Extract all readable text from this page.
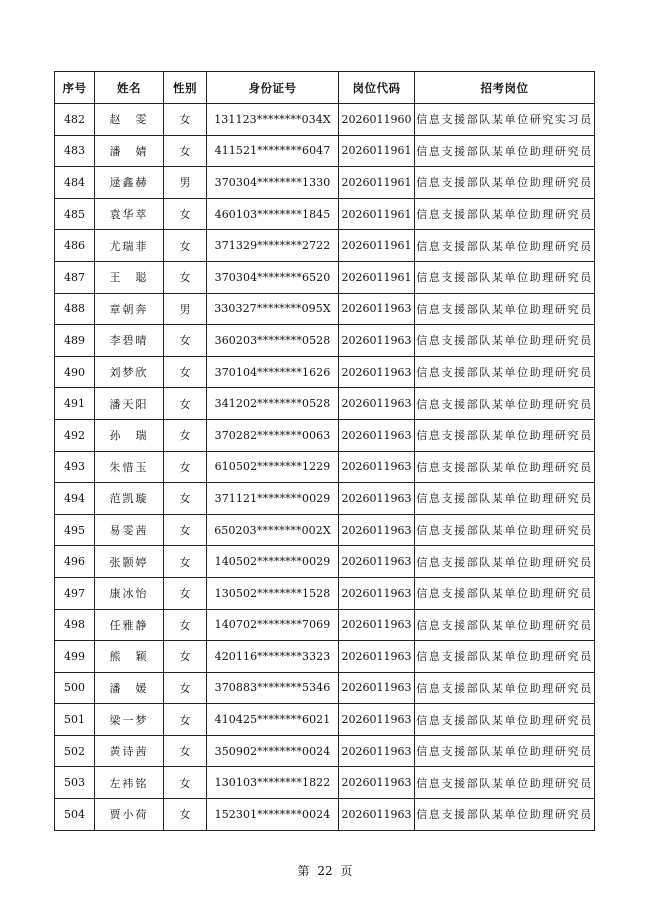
序号	姓名	性别	身份证号	岗位代码	招考岗位
482	赵　雯	女	131123********034X	2026011960	信息支援部队某单位研究实习员
483	潘　婧	女	411521********6047	2026011961	信息支援部队某单位助理研究员
484	逯鑫赫	男	370304********1330	2026011961	信息支援部队某单位助理研究员
485	袁华萃	女	460103********1845	2026011961	信息支援部队某单位助理研究员
486	尤瑞菲	女	371329********2722	2026011961	信息支援部队某单位助理研究员
487	王　聪	女	370304********6520	2026011961	信息支援部队某单位助理研究员
488	章朝奔	男	330327********095X	2026011963	信息支援部队某单位助理研究员
489	李碧晴	女	360203********0528	2026011963	信息支援部队某单位助理研究员
490	刘梦欣	女	370104********1626	2026011963	信息支援部队某单位助理研究员
491	潘天阳	女	341202********0528	2026011963	信息支援部队某单位助理研究员
492	孙　瑞	女	370282********0063	2026011963	信息支援部队某单位助理研究员
493	朱惜玉	女	610502********1229	2026011963	信息支援部队某单位助理研究员
494	范凯璇	女	371121********0029	2026011963	信息支援部队某单位助理研究员
495	易雯茜	女	650203********002X	2026011963	信息支援部队某单位助理研究员
496	张颢婷	女	140502********0029	2026011963	信息支援部队某单位助理研究员
497	康冰怡	女	130502********1528	2026011963	信息支援部队某单位助理研究员
498	任雅静	女	140702********7069	2026011963	信息支援部队某单位助理研究员
499	熊　颖	女	420116********3323	2026011963	信息支援部队某单位助理研究员
500	潘　媛	女	370883********5346	2026011963	信息支援部队某单位助理研究员
501	梁一梦	女	410425********6021	2026011963	信息支援部队某单位助理研究员
502	黄诗茜	女	350902********0024	2026011963	信息支援部队某单位助理研究员
503	左袆铭	女	130103********1822	2026011963	信息支援部队某单位助理研究员
504	贾小荷	女	152301********0024	2026011963	信息支援部队某单位助理研究员
第 22 页
